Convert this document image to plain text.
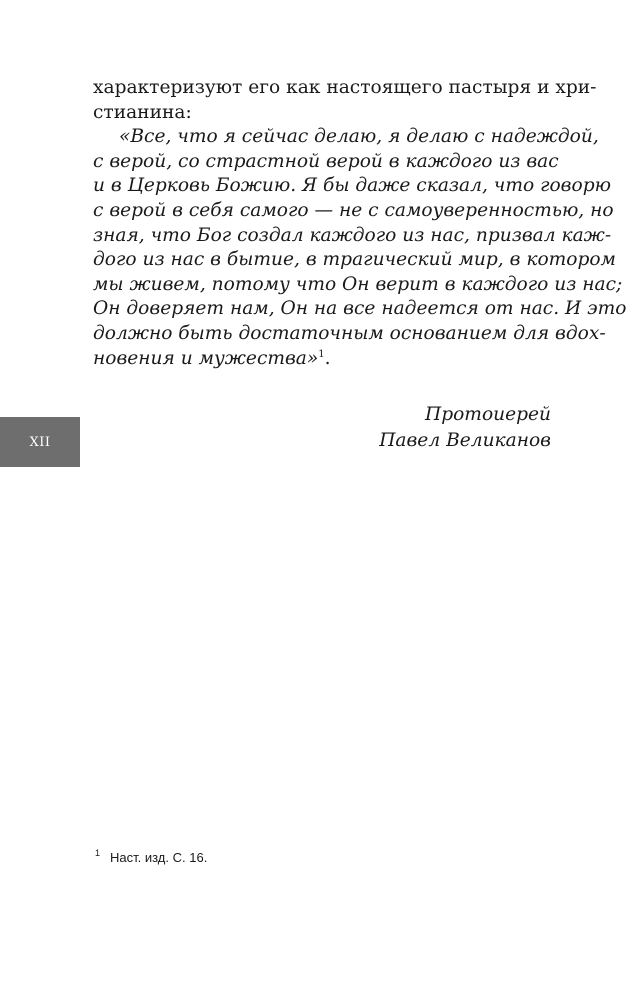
характеризуют его как настоящего пастыря и хри-
стианина:
«Все, что я сейчас делаю, я делаю с надеждой,
с верой, со страстной верой в каждого из вас
и в Церковь Божию. Я бы даже сказал, что говорю
с верой в себя самого — не с самоуверенностью, но
зная, что Бог создал каждого из нас, призвал каж-
дого из нас в бытие, в трагический мир, в котором
мы живем, потому что Он верит в каждого из нас;
Он доверяет нам, Он на все надеется от нас. И это
должно быть достаточным основанием для вдох-
новения и мужества»$^1$.
Протоиерей
Павел Великанов
XII
$^1$ Наст. изд. С. 16.
